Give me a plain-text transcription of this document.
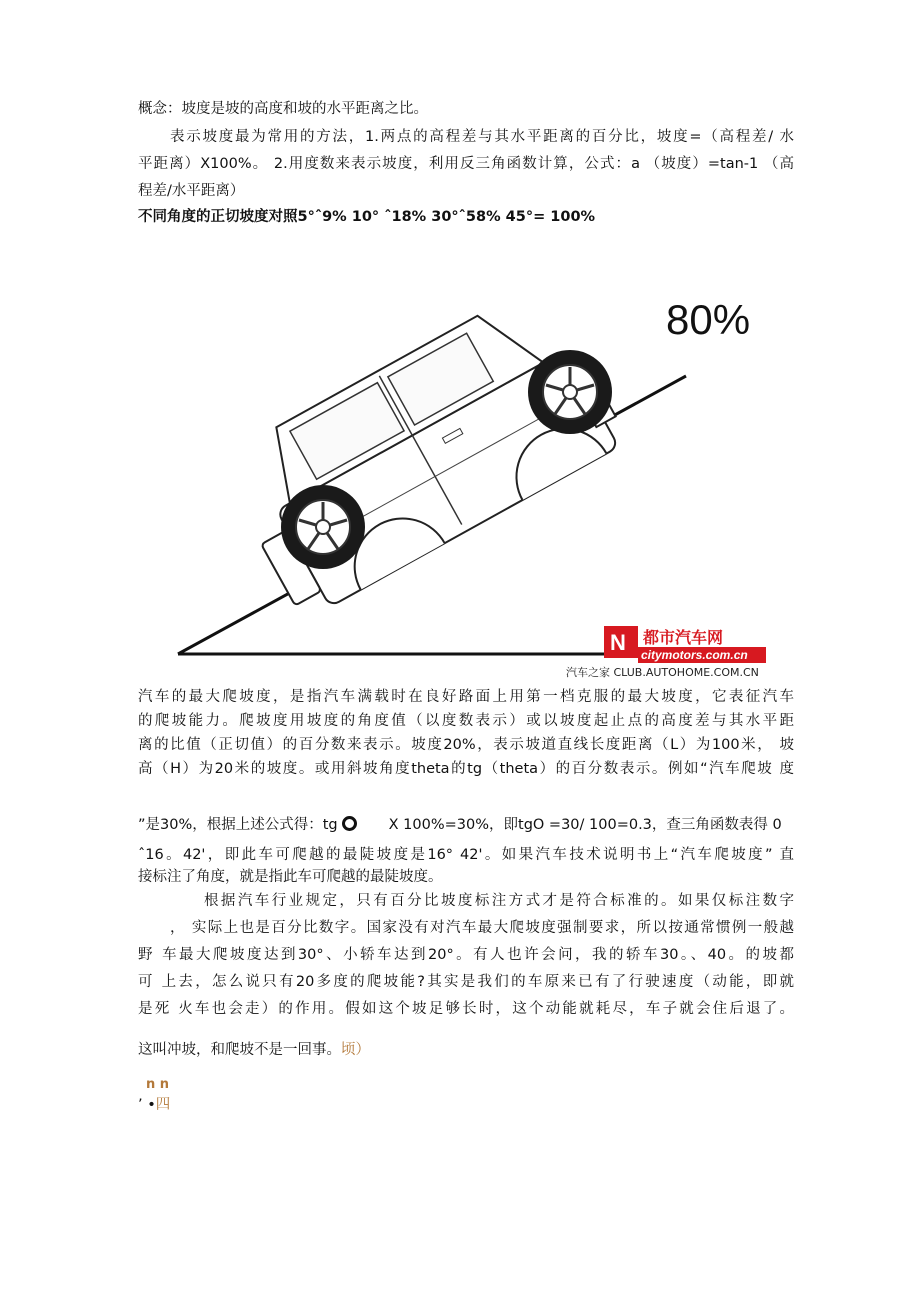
概念：坡度是坡的高度和坡的水平距离之比。
表示坡度最为常用的方法，1.两点的高程差与其水平距离的百分比，坡度=（高程差/ 水
平距离）X100%。 2.用度数来表示坡度，利用反三角函数计算，公式：a （坡度）=tan-1 （高
程差/水平距离）
不同角度的正切坡度对照5°ˆ9% 10° ˆ18% 30°ˆ58% 45°= 100%
80%
N 都市汽车网
citymotors.com.cn
汽车之家 CLUB.AUTOHOME.COM.CN
汽车的最大爬坡度，是指汽车满载时在良好路面上用第一档克服的最大坡度，它表征汽车
的爬坡能力。爬坡度用坡度的角度值（以度数表示）或以坡度起止点的高度差与其水平距
离的比值（正切值）的百分数来表示。坡度20%，表示坡道直线长度距离（L）为100米， 坡
高（H）为20米的坡度。或用斜坡角度theta的tg（theta）的百分数表示。例如“汽车爬坡 度
”是30%，根据上述公式得：tg	X 100%=30%，即tgO =30/ 100=0.3，查三角函数表得 0
ˆ16。42'，即此车可爬越的最陡坡度是16° 42'。如果汽车技术说明书上“汽车爬坡度” 直
接标注了角度，就是指此车可爬越的最陡坡度。
根据汽车行业规定，只有百分比坡度标注方式才是符合标准的。如果仅标注数字
， 实际上也是百分比数字。国家没有对汽车最大爬坡度强制要求，所以按通常惯例一般越
野 车最大爬坡度达到30°、小轿车达到20°。有人也许会问，我的轿车30。、40。的坡都
可 上去，怎么说只有20多度的爬坡能?其实是我们的车原来已有了行驶速度（动能，即就
是死 火车也会走）的作用。假如这个坡足够长时，这个动能就耗尽，车子就会住后退了。
这叫冲坡，和爬坡不是一回事。顷）
n n
’ •四
